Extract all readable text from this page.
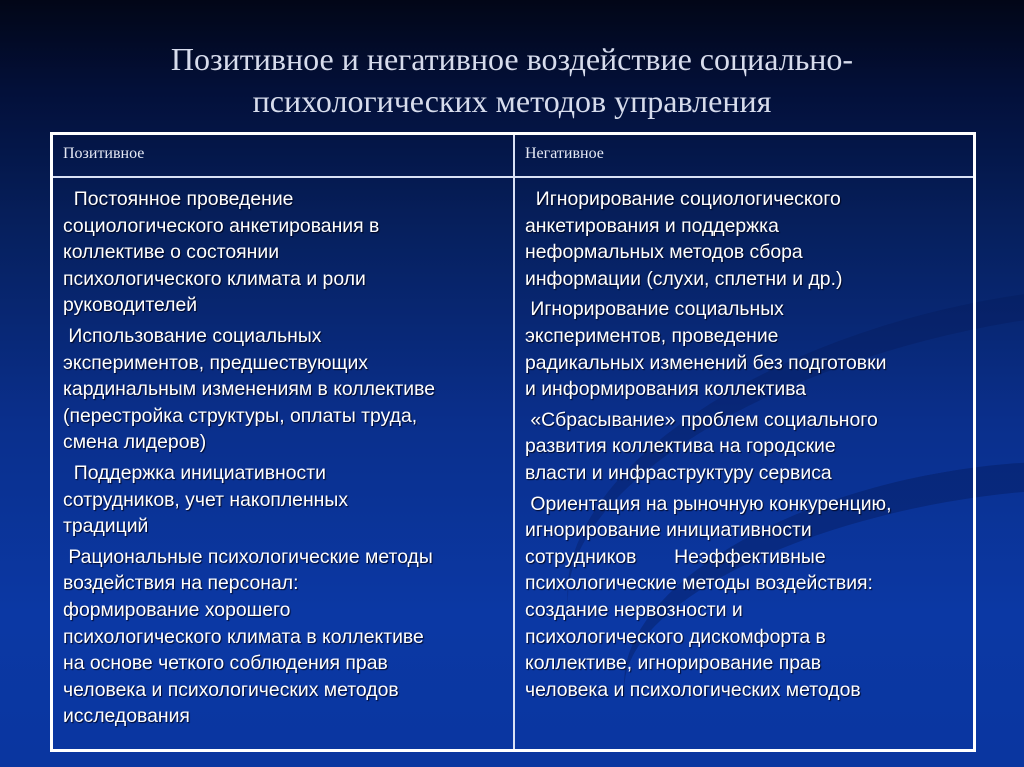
Позитивное и негативное воздействие социально-
психологических методов управления
Позитивное	Негативное
Постоянное проведение
социологического анкетирования в
коллективе о состоянии
психологического климата и роли
руководителей
Использование социальных
экспериментов, предшествующих
кардинальным изменениям в коллективе
(перестройка структуры, оплаты труда,
смена лидеров)
Поддержка инициативности
сотрудников, учет накопленных
традиций
Рациональные психологические методы
воздействия на персонал:
формирование хорошего
психологического климата в коллективе
на основе четкого соблюдения прав
человека и психологических методов
исследования
Игнорирование социологического
анкетирования и поддержка
неформальных методов сбора
информации (слухи, сплетни и др.)
Игнорирование социальных
экспериментов, проведение
радикальных изменений без подготовки
и информирования коллектива
«Сбрасывание» проблем социального
развития коллектива на городские
власти и инфраструктуру сервиса
Ориентация на рыночную конкуренцию,
игнорирование инициативности
сотрудников       Неэффективные
психологические методы воздействия:
создание нервозности и
психологического дискомфорта в
коллективе, игнорирование прав
человека и психологических методов
